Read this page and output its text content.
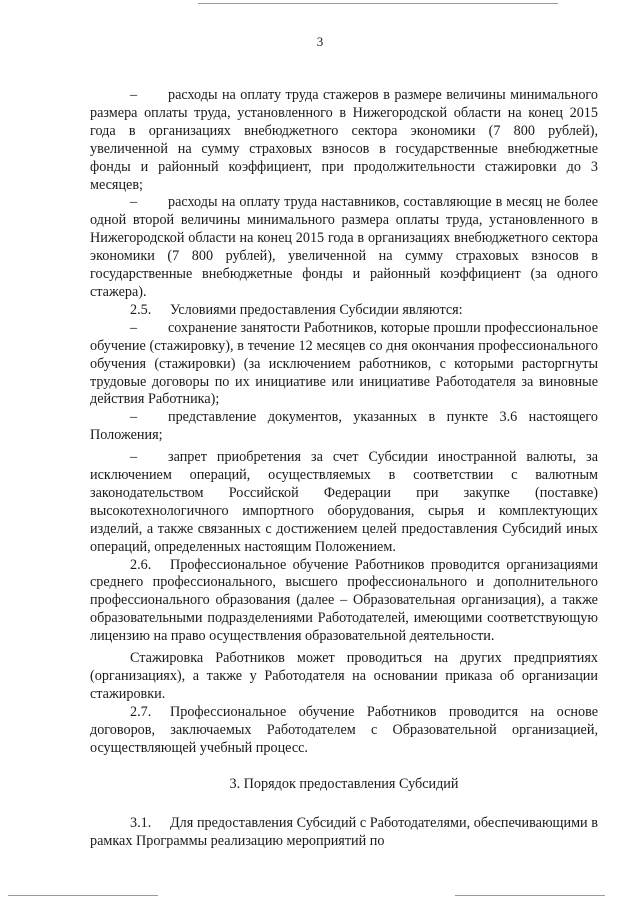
3

– расходы на оплату труда стажеров в размере величины минимального размера оплаты труда, установленного в Нижегородской области на конец 2015 года в организациях внебюджетного сектора экономики (7 800 рублей), увеличенной на сумму страховых взносов в государственные внебюджетные фонды и районный коэффициент, при продолжительности стажировки до 3 месяцев;

– расходы на оплату труда наставников, составляющие в месяц не более одной второй величины минимального размера оплаты труда, установленного в Нижегородской области на конец 2015 года в организациях внебюджетного сектора экономики (7 800 рублей), увеличенной на сумму страховых взносов в государственные внебюджетные фонды и районный коэффициент (за одного стажера).

2.5. Условиями предоставления Субсидии являются:

– сохранение занятости Работников, которые прошли профессиональное обучение (стажировку), в течение 12 месяцев со дня окончания профессионального обучения (стажировки) (за исключением работников, с которыми расторгнуты трудовые договоры по их инициативе или инициативе Работодателя за виновные действия Работника);

– представление документов, указанных в пункте 3.6 настоящего Положения;

– запрет приобретения за счет Субсидии иностранной валюты, за исключением операций, осуществляемых в соответствии с валютным законодательством Российской Федерации при закупке (поставке) высокотехнологичного импортного оборудования, сырья и комплектующих изделий, а также связанных с достижением целей предоставления Субсидий иных операций, определенных настоящим Положением.

2.6. Профессиональное обучение Работников проводится организациями среднего профессионального, высшего профессионального и дополнительного профессионального образования (далее – Образовательная организация), а также образовательными подразделениями Работодателей, имеющими соответствующую лицензию на право осуществления образовательной деятельности.

Стажировка Работников может проводиться на других предприятиях (организациях), а также у Работодателя на основании приказа об организации стажировки.

2.7. Профессиональное обучение Работников проводится на основе договоров, заключаемых Работодателем с Образовательной организацией, осуществляющей учебный процесс.

3. Порядок предоставления Субсидий

3.1. Для предоставления Субсидий с Работодателями, обеспечивающими в рамках Программы реализацию мероприятий по
